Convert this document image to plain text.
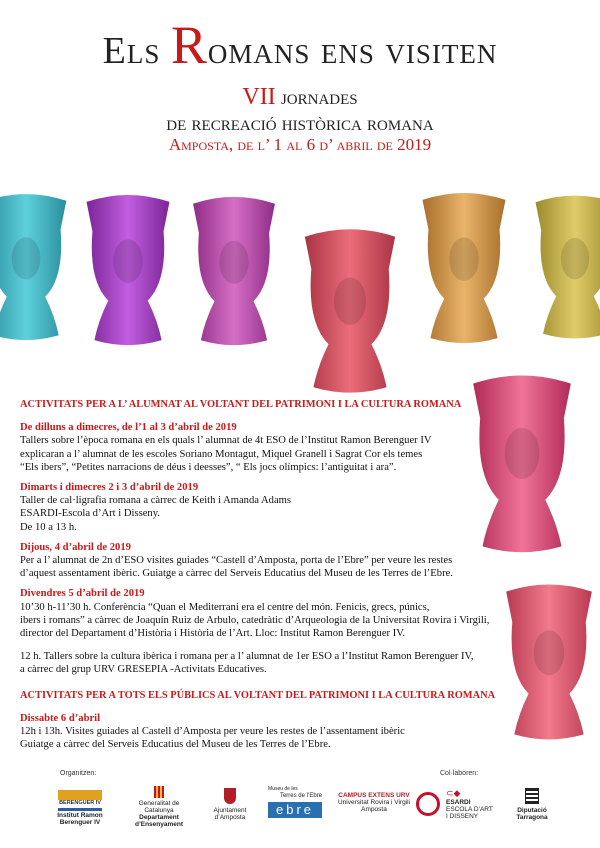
Els Romans ens visiten
VII jornades
de recreació històrica romana
Amposta, de l’ 1 al 6 d’ abril de 2019
ACTIVITATS PER A L’ ALUMNAT AL VOLTANT DEL PATRIMONI I LA CULTURA ROMANA
De dilluns a dimecres, de l’1 al 3 d’abril de 2019
Tallers sobre l’època romana en els quals l’ alumnat de 4t ESO de l’Institut Ramon Berenguer IV
explicaran a l’ alumnat de les escoles Soriano Montagut, Miquel Granell i Sagrat Cor els temes
“Els ibers”, “Petites narracions de déus i deesses”, “ Els jocs olímpics: l’antiguitat i ara”.
Dimarts i dimecres 2 i 3 d’abril de 2019
Taller de cal·ligrafia romana a càrrec de Keith i Amanda Adams
ESARDI-Escola d’Art i Disseny.
De 10 a 13 h.
Dijous, 4 d’abril de 2019
Per a l’ alumnat de 2n d’ESO visites guiades “Castell d’Amposta, porta de l’Ebre” per veure les restes
d’aquest assentament ibèric. Guiatge a càrrec del Serveis Educatius del Museu de les Terres de l’Ebre.
Divendres 5 d’abril de 2019
10’30 h-11’30 h. Conferència “Quan el Mediterrani era el centre del món. Fenicis, grecs, púnics,
ibers i romans” a càrrec de Joaquín Ruiz de Arbulo, catedràtic d’Arqueologia de la Universitat Rovira i Virgili,
director del Departament d’Història i Història de l’Art. Lloc: Institut Ramon Berenguer IV.
12 h. Tallers sobre la cultura ibèrica i romana per a l’ alumnat de 1er ESO a l’Institut Ramon Berenguer IV,
a càrrec del grup URV GRESEPIA -Activitats Educatives.
ACTIVITATS PER A TOTS ELS PÚBLICS AL VOLTANT DEL PATRIMONI I LA CULTURA ROMANA
Dissabte 6 d’abril
12h i 13h. Visites guiades al Castell d’Amposta per veure les restes de l’assentament ibèric
Guiatge a càrrec del Serveis Educatius del Museu de les Terres de l’Ebre.
Organitzen:	Col·laboren:
BERENGUER IV
Institut Ramon Berenguer IV
Generalitat de Catalunya
Departament
d’Ensenyament
Ajuntament d’Amposta
Museu de les
Terres de l’Ebre
ebre
CAMPUS EXTENS URV
Universitat Rovira i Virgili
Amposta
⊂◆
ESARDI
ESCOLA D’ART
I DISSENY
Diputació
Tarragona
